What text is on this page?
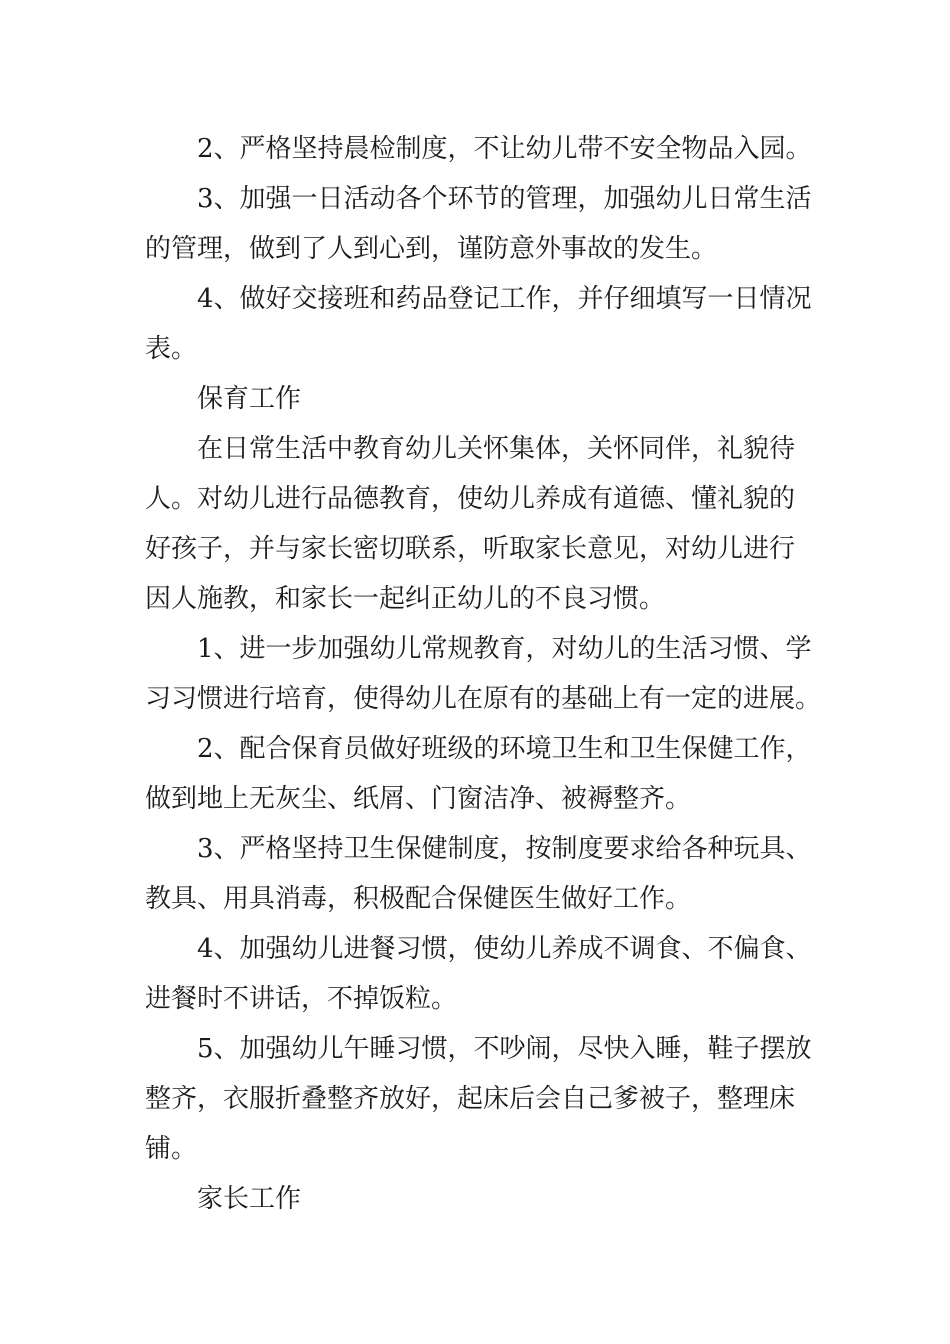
2、严格坚持晨检制度，不让幼儿带不安全物品入园。
3、加强一日活动各个环节的管理，加强幼儿日常生活
的管理，做到了人到心到，谨防意外事故的发生。
4、做好交接班和药品登记工作，并仔细填写一日情况
表。
保育工作
在日常生活中教育幼儿关怀集体，关怀同伴，礼貌待
人。对幼儿进行品德教育，使幼儿养成有道德、懂礼貌的
好孩子，并与家长密切联系，听取家长意见，对幼儿进行
因人施教，和家长一起纠正幼儿的不良习惯。
1、进一步加强幼儿常规教育，对幼儿的生活习惯、学
习习惯进行培育，使得幼儿在原有的基础上有一定的进展。
2、配合保育员做好班级的环境卫生和卫生保健工作，
做到地上无灰尘、纸屑、门窗洁净、被褥整齐。
3、严格坚持卫生保健制度，按制度要求给各种玩具、
教具、用具消毒，积极配合保健医生做好工作。
4、加强幼儿进餐习惯，使幼儿养成不调食、不偏食、
进餐时不讲话，不掉饭粒。
5、加强幼儿午睡习惯，不吵闹，尽快入睡，鞋子摆放
整齐，衣服折叠整齐放好，起床后会自己爹被子，整理床
铺。
家长工作
